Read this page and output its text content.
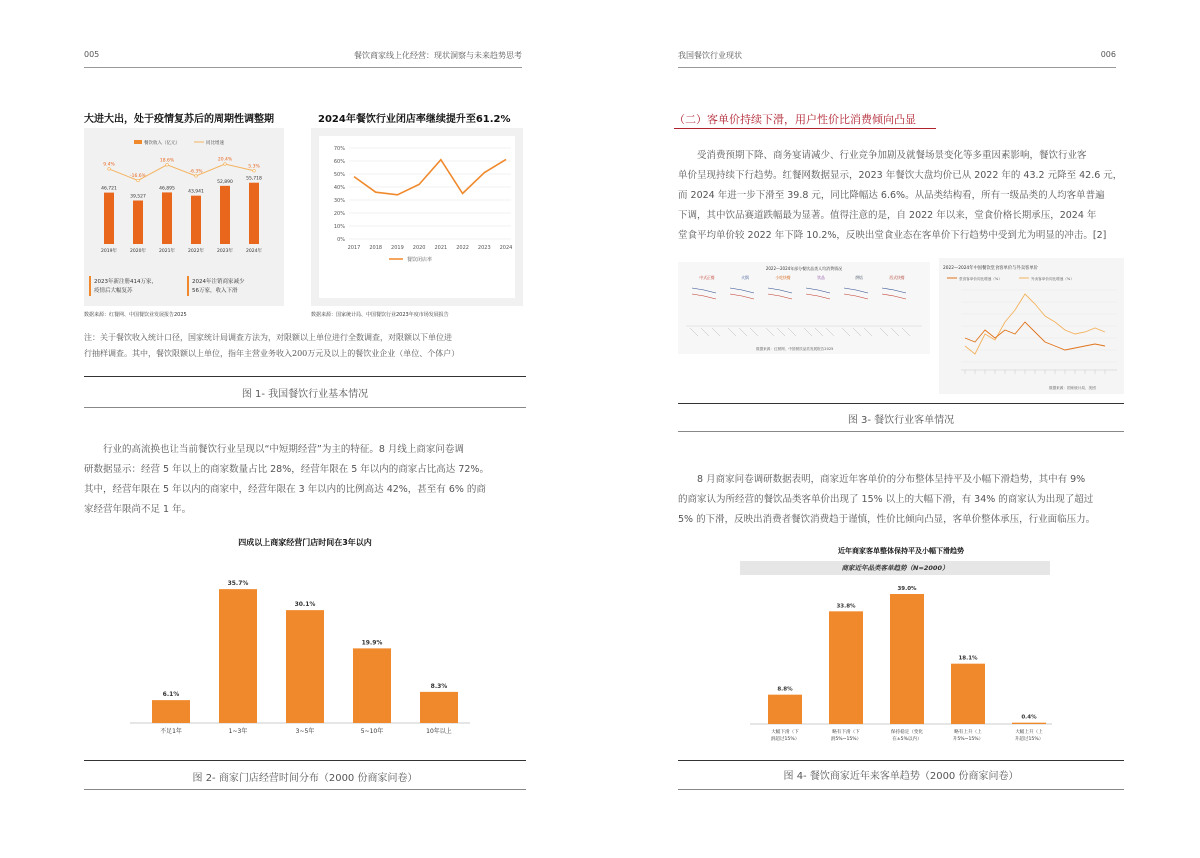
005	餐饮商家线上化经营：现状洞察与未来趋势思考
大进大出，处于疫情复苏后的周期性调整期	2024年餐饮行业闭店率继续提升至61.2%
餐饮收入（亿元）	同比增速
46,721
39,527
46,895
43,941
52,890
55,718
9.4%
-16.6%
18.6%
-6.3%
20.4%
5.3%
2019年	2020年	2021年	2022年	2023年	2024年
2023年新注册414万家，
疫情后大幅复苏
2024年注销商家减少
56万家，收入下滑
数据来源：红餐网、中国餐饮业发展报告2025
0%
10%
20%
30%
40%
50%
60%
70%
2017 2018 2019 2020 2021 2022 2023 2024
餐饮闭店率
数据来源：国家统计局、中国餐饮行业2023年度市场发展报告
注：关于餐饮收入统计口径，国家统计局调查方法为，对限额以上单位进行全数调查，对限额以下单位进
行抽样调查。其中，餐饮限额以上单位，指年主营业务收入200万元及以上的餐饮业企业（单位、个体户）
图 1- 我国餐饮行业基本情况
行业的高流换也让当前餐饮行业呈现以“中短期经营”为主的特征。8 月线上商家问卷调
研数据显示：经营 5 年以上的商家数量占比 28%，经营年限在 5 年以内的商家占比高达 72%。
其中，经营年限在 5 年以内的商家中，经营年限在 3 年以内的比例高达 42%，甚至有 6% 的商
家经营年限尚不足 1 年。
四成以上商家经营门店时间在3年以内
6.1%
不足1年
35.7%
1~3年
30.1%
3~5年
19.9%
5~10年
8.3%
10年以上
图 2- 商家门店经营时间分布（2000 份商家问卷）
我国餐饮行业现状	006
（二）客单价持续下滑，用户性价比消费倾向凸显
受消费预期下降、商务宴请减少、行业竞争加剧及就餐场景变化等多重因素影响，餐饮行业客
单价呈现持续下行趋势。红餐网数据显示，2023 年餐饮大盘均价已从 2022 年的 43.2 元降至 42.6 元，
而 2024 年进一步下滑至 39.8 元，同比降幅达 6.6%。从品类结构看，所有一级品类的人均客单普遍
下调，其中饮品赛道跌幅最为显著。值得注意的是，自 2022 年以来，堂食价格长期承压，2024 年
堂食平均单价较 2022 年下降 10.2%，反映出堂食业态在客单价下行趋势中受到尤为明显的冲击。[2]
2022—2024年部分餐饮品类人均消费情况
中式正餐	火锅	小吃快餐	饮品	烘焙	西式快餐
数据来源：红餐网、中国餐饮品类发展报告2025
2022—2024年中国餐饮堂食客单价与外卖客单价
堂食客单价同比增速（%）	外卖客单价同比增速（%）
数据来源：国家统计局、美团
图 3- 餐饮行业客单情况
8 月商家问卷调研数据表明，商家近年客单价的分布整体呈持平及小幅下滑趋势，其中有 9%
的商家认为所经营的餐饮品类客单价出现了 15% 以上的大幅下滑，有 34% 的商家认为出现了超过
5% 的下滑，反映出消费者餐饮消费趋于谨慎，性价比倾向凸显，客单价整体承压，行业面临压力。
近年商家客单整体保持平及小幅下滑趋势
商家近年品类客单趋势（N=2000）
8.8%
大幅下滑（下
滑超过15%）
33.8%
略有下滑（下
滑5%~15%）
39.0%
保持稳定（变化
在±5%以内）
18.1%
略有上升（上
升5%~15%）
0.4%
大幅上升（上
升超过15%）
图 4- 餐饮商家近年来客单趋势（2000 份商家问卷）
